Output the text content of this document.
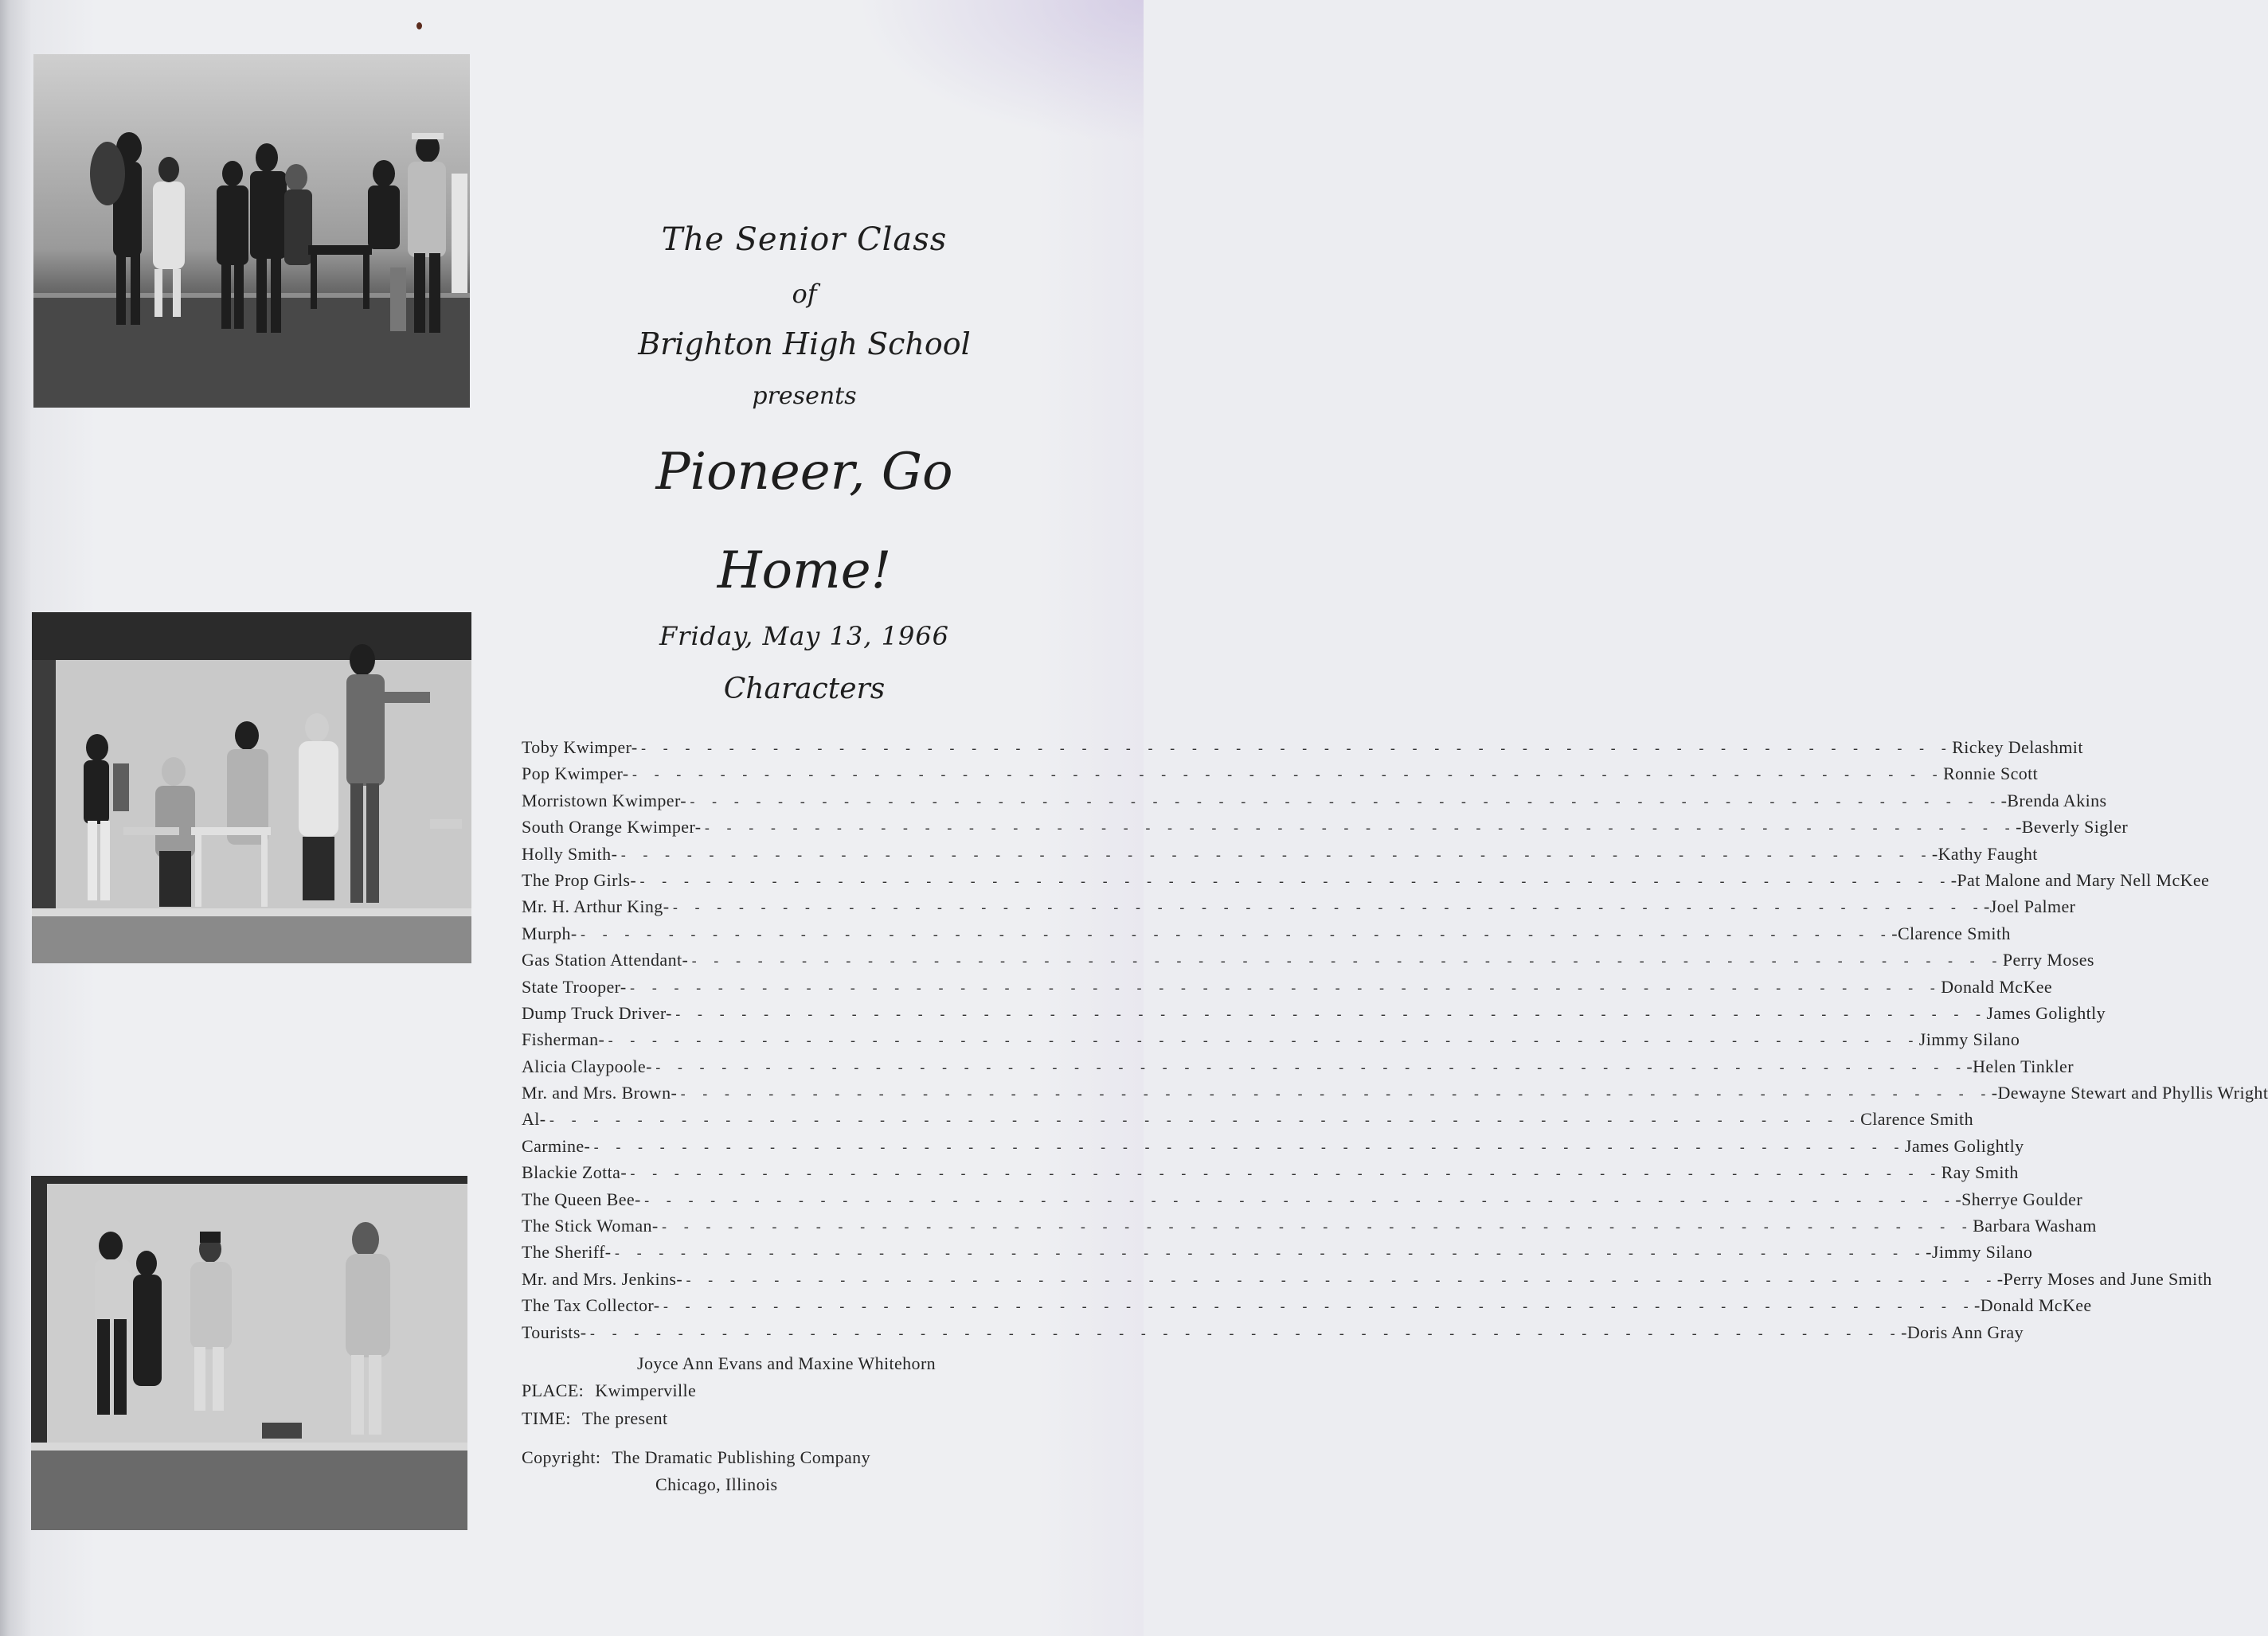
The Senior Class
of
Brighton High School
presents
Pioneer, Go
Home!
Friday, May 13, 1966
Characters
Toby Kwimper- - - - - - - - - - - - - - - - - - - - - - - - - - - - - - - - - - - - - - - - - - - - - - - - - - - - - - - - - - - - - Rickey Delashmit
Pop Kwimper- - - - - - - - - - - - - - - - - - - - - - - - - - - - - - - - - - - - - - - - - - - - - - - - - - - - - - - - - - - - - Ronnie Scott
Morristown Kwimper- - - - - - - - - - - - - - - - - - - - - - - - - - - - - - - - - - - - - - - - - - - - - - - - - - - - - - - - - - - - - -Brenda Akins
South Orange Kwimper- - - - - - - - - - - - - - - - - - - - - - - - - - - - - - - - - - - - - - - - - - - - - - - - - - - - - - - - - - - - - -Beverly Sigler
Holly Smith- - - - - - - - - - - - - - - - - - - - - - - - - - - - - - - - - - - - - - - - - - - - - - - - - - - - - - - - - - - - - -Kathy Faught
The Prop Girls- - - - - - - - - - - - - - - - - - - - - - - - - - - - - - - - - - - - - - - - - - - - - - - - - - - - - - - - - - - - - -Pat Malone and Mary Nell McKee
Mr. H. Arthur King- - - - - - - - - - - - - - - - - - - - - - - - - - - - - - - - - - - - - - - - - - - - - - - - - - - - - - - - - - - - - -Joel Palmer
Murph- - - - - - - - - - - - - - - - - - - - - - - - - - - - - - - - - - - - - - - - - - - - - - - - - - - - - - - - - - - - - -Clarence Smith
Gas Station Attendant- - - - - - - - - - - - - - - - - - - - - - - - - - - - - - - - - - - - - - - - - - - - - - - - - - - - - - - - - - - - - Perry Moses
State Trooper- - - - - - - - - - - - - - - - - - - - - - - - - - - - - - - - - - - - - - - - - - - - - - - - - - - - - - - - - - - - - Donald McKee
Dump Truck Driver- - - - - - - - - - - - - - - - - - - - - - - - - - - - - - - - - - - - - - - - - - - - - - - - - - - - - - - - - - - - - James Golightly
Fisherman- - - - - - - - - - - - - - - - - - - - - - - - - - - - - - - - - - - - - - - - - - - - - - - - - - - - - - - - - - - - - Jimmy Silano
Alicia Claypoole- - - - - - - - - - - - - - - - - - - - - - - - - - - - - - - - - - - - - - - - - - - - - - - - - - - - - - - - - - - - - -Helen Tinkler
Mr. and Mrs. Brown- - - - - - - - - - - - - - - - - - - - - - - - - - - - - - - - - - - - - - - - - - - - - - - - - - - - - - - - - - - - - -Dewayne Stewart and Phyllis Wright
Al- - - - - - - - - - - - - - - - - - - - - - - - - - - - - - - - - - - - - - - - - - - - - - - - - - - - - - - - - - - - - Clarence Smith
Carmine- - - - - - - - - - - - - - - - - - - - - - - - - - - - - - - - - - - - - - - - - - - - - - - - - - - - - - - - - - - - - James Golightly
Blackie Zotta- - - - - - - - - - - - - - - - - - - - - - - - - - - - - - - - - - - - - - - - - - - - - - - - - - - - - - - - - - - - - Ray Smith
The Queen Bee- - - - - - - - - - - - - - - - - - - - - - - - - - - - - - - - - - - - - - - - - - - - - - - - - - - - - - - - - - - - - -Sherrye Goulder
The Stick Woman- - - - - - - - - - - - - - - - - - - - - - - - - - - - - - - - - - - - - - - - - - - - - - - - - - - - - - - - - - - - - Barbara Washam
The Sheriff- - - - - - - - - - - - - - - - - - - - - - - - - - - - - - - - - - - - - - - - - - - - - - - - - - - - - - - - - - - - - -Jimmy Silano
Mr. and Mrs. Jenkins- - - - - - - - - - - - - - - - - - - - - - - - - - - - - - - - - - - - - - - - - - - - - - - - - - - - - - - - - - - - - -Perry Moses and June Smith
The Tax Collector- - - - - - - - - - - - - - - - - - - - - - - - - - - - - - - - - - - - - - - - - - - - - - - - - - - - - - - - - - - - - -Donald McKee
Tourists- - - - - - - - - - - - - - - - - - - - - - - - - - - - - - - - - - - - - - - - - - - - - - - - - - - - - - - - - - - - - -Doris Ann Gray
Joyce Ann Evans and Maxine Whitehorn
PLACE: Kwimperville
TIME: The present
Copyright: The Dramatic Publishing Company
Chicago, Illinois
